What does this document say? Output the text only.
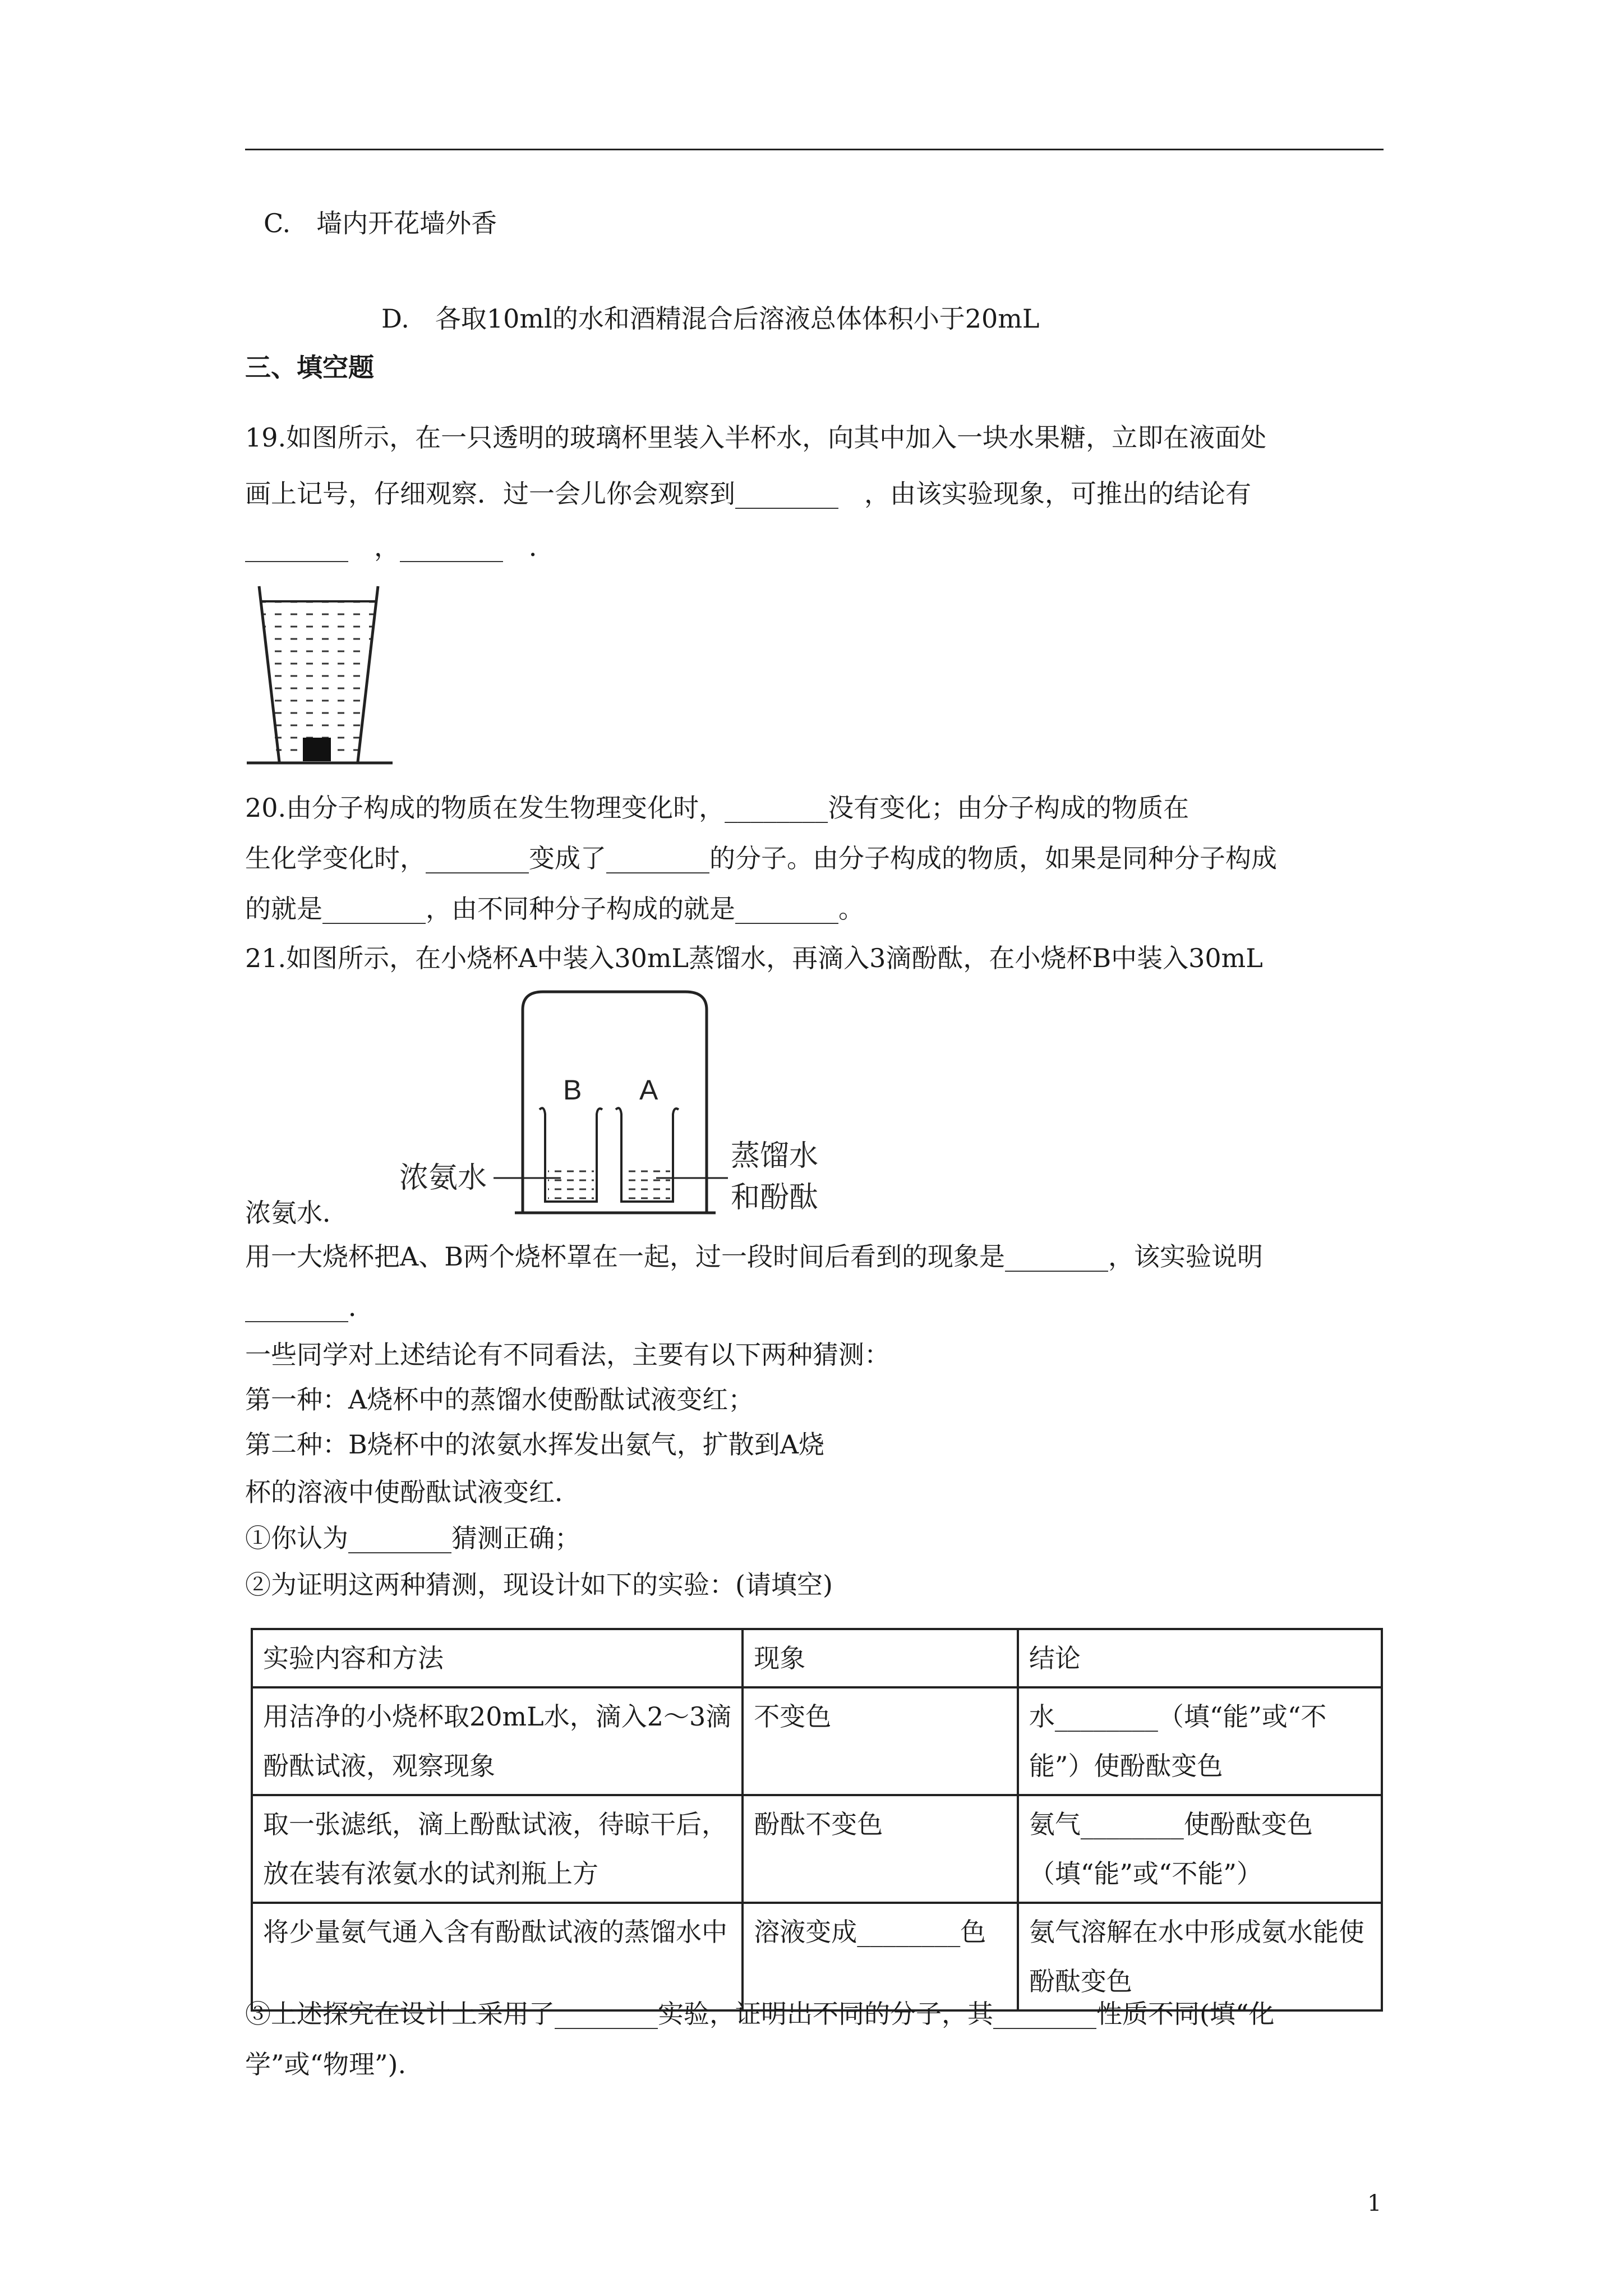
C.　墙内开花墙外香
D.　各取10ml的水和酒精混合后溶液总体体积小于20mL
三、填空题
19.如图所示，在一只透明的玻璃杯里装入半杯水，向其中加入一块水果糖，立即在液面处
画上记号，仔细观察．过一会儿你会观察到________　，由该实验现象，可推出的结论有
________　，________　．
20.由分子构成的物质在发生物理变化时，________没有变化；由分子构成的物质在
生化学变化时，________变成了________的分子。由分子构成的物质，如果是同种分子构成
的就是________，由不同种分子构成的就是________。
21.如图所示，在小烧杯A中装入30mL蒸馏水，再滴入3滴酚酞，在小烧杯B中装入30mL
B A
浓氨水
蒸馏水
和酚酞
浓氨水．
用一大烧杯把A、B两个烧杯罩在一起，过一段时间后看到的现象是________，该实验说明
________．
一些同学对上述结论有不同看法，主要有以下两种猜测：
第一种：A烧杯中的蒸馏水使酚酞试液变红；
第二种：B烧杯中的浓氨水挥发出氨气，扩散到A烧
杯的溶液中使酚酞试液变红．
①你认为________猜测正确；
②为证明这两种猜测，现设计如下的实验：(请填空)
实验内容和方法	现象	结论
用洁净的小烧杯取20mL水，滴入2～3滴酚酞试液，观察现象	不变色	水________（填“能”或“不能”）使酚酞变色
取一张滤纸，滴上酚酞试液，待晾干后，放在装有浓氨水的试剂瓶上方	酚酞不变色	氨气________使酚酞变色（填“能”或“不能”）
将少量氨气通入含有酚酞试液的蒸馏水中	溶液变成________色	氨气溶解在水中形成氨水能使酚酞变色
③上述探究在设计上采用了________实验，证明出不同的分子，其________性质不同(填“化
学”或“物理”).
1
